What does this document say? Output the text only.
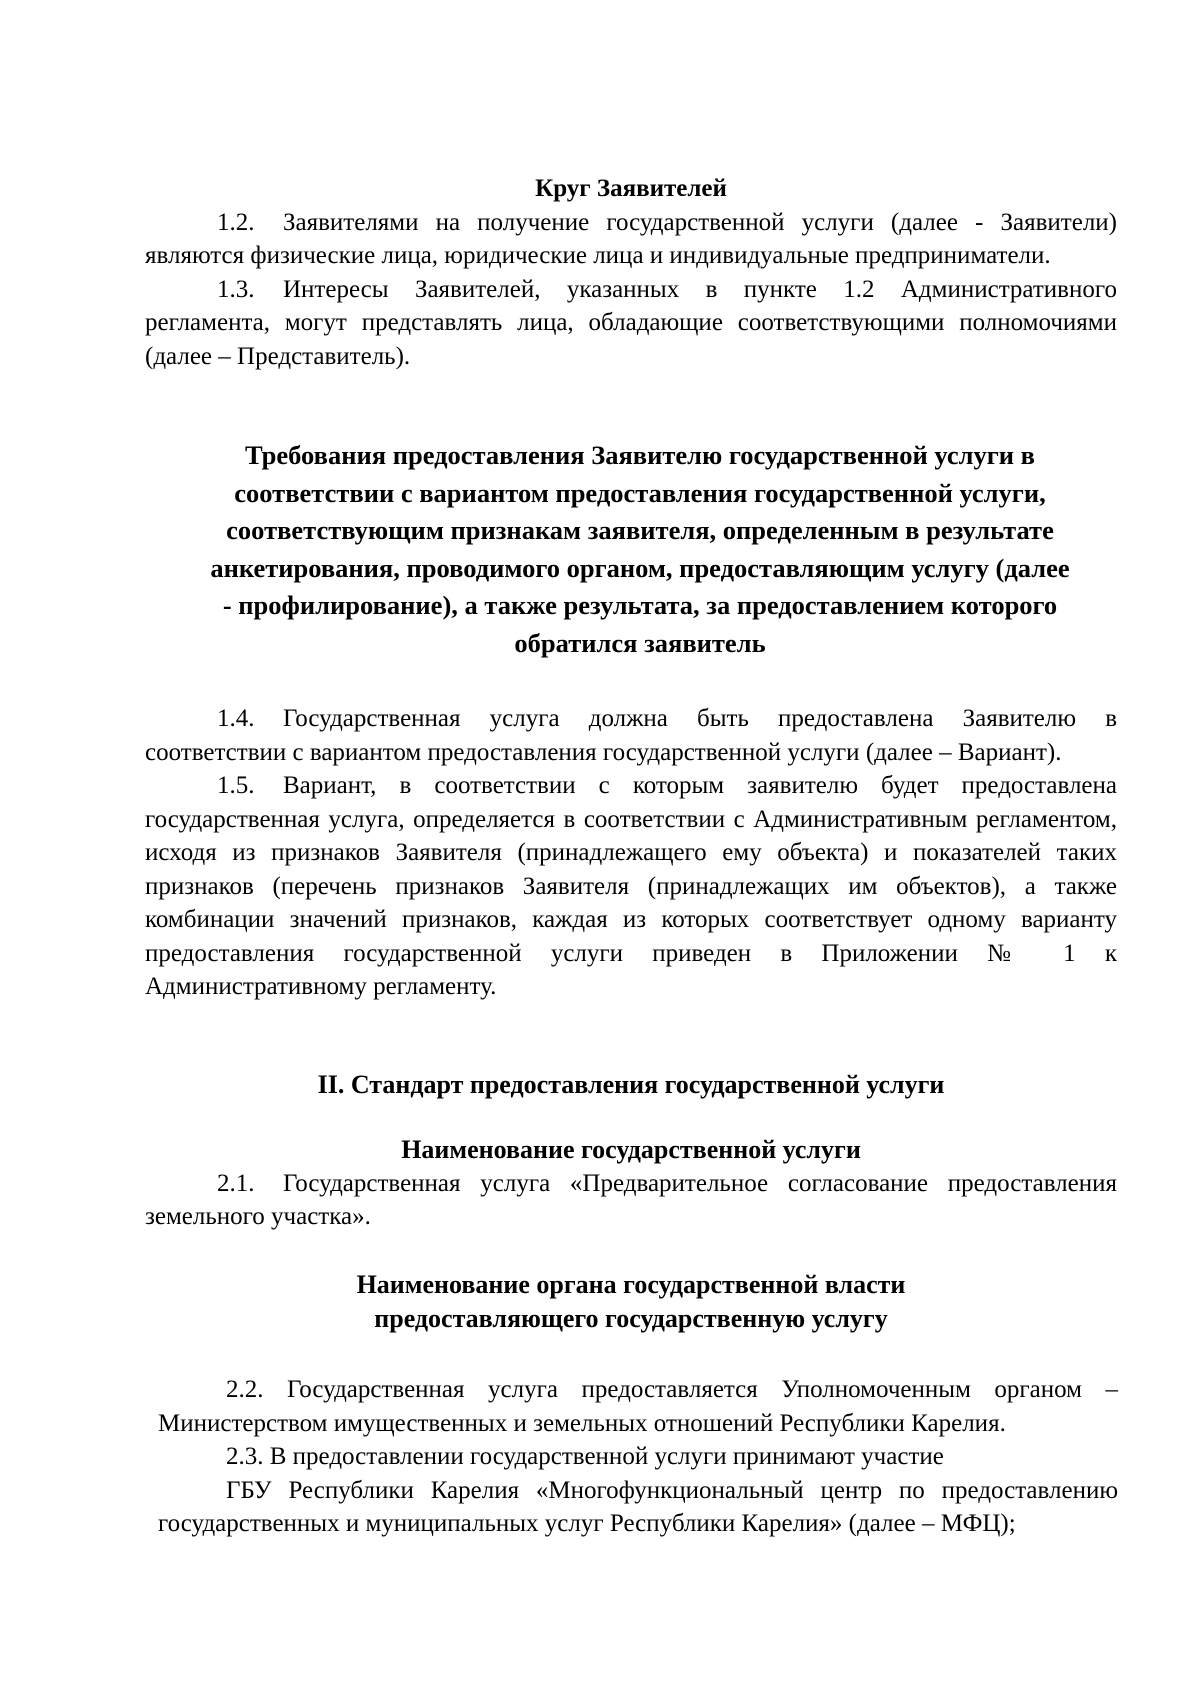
Круг Заявителей

1.2. Заявителями на получение государственной услуги (далее - Заявители) являются физические лица, юридические лица и индивидуальные предприниматели.

1.3. Интересы Заявителей, указанных в пункте 1.2 Административного регламента, могут представлять лица, обладающие соответствующими полномочиями (далее – Представитель).

Требования предоставления Заявителю государственной услуги в соответствии с вариантом предоставления государственной услуги, соответствующим признакам заявителя, определенным в результате анкетирования, проводимого органом, предоставляющим услугу (далее - профилирование), а также результата, за предоставлением которого обратился заявитель

1.4. Государственная услуга должна быть предоставлена Заявителю в соответствии с вариантом предоставления государственной услуги (далее – Вариант).

1.5. Вариант, в соответствии с которым заявителю будет предоставлена государственная услуга, определяется в соответствии с Административным регламентом, исходя из признаков Заявителя (принадлежащего ему объекта) и показателей таких признаков (перечень признаков Заявителя (принадлежащих им объектов), а также комбинации значений признаков, каждая из которых соответствует одному варианту предоставления государственной услуги приведен в Приложении № 1 к Административному регламенту.

II. Стандарт предоставления государственной услуги

Наименование государственной услуги

2.1. Государственная услуга «Предварительное согласование предоставления земельного участка».

Наименование органа государственной власти

предоставляющего государственную услугу

2.2. Государственная услуга предоставляется Уполномоченным органом – Министерством имущественных и земельных отношений Республики Карелия.

2.3. В предоставлении государственной услуги принимают участие

ГБУ Республики Карелия «Многофункциональный центр по предоставлению государственных и муниципальных услуг Республики Карелия» (далее – МФЦ);
